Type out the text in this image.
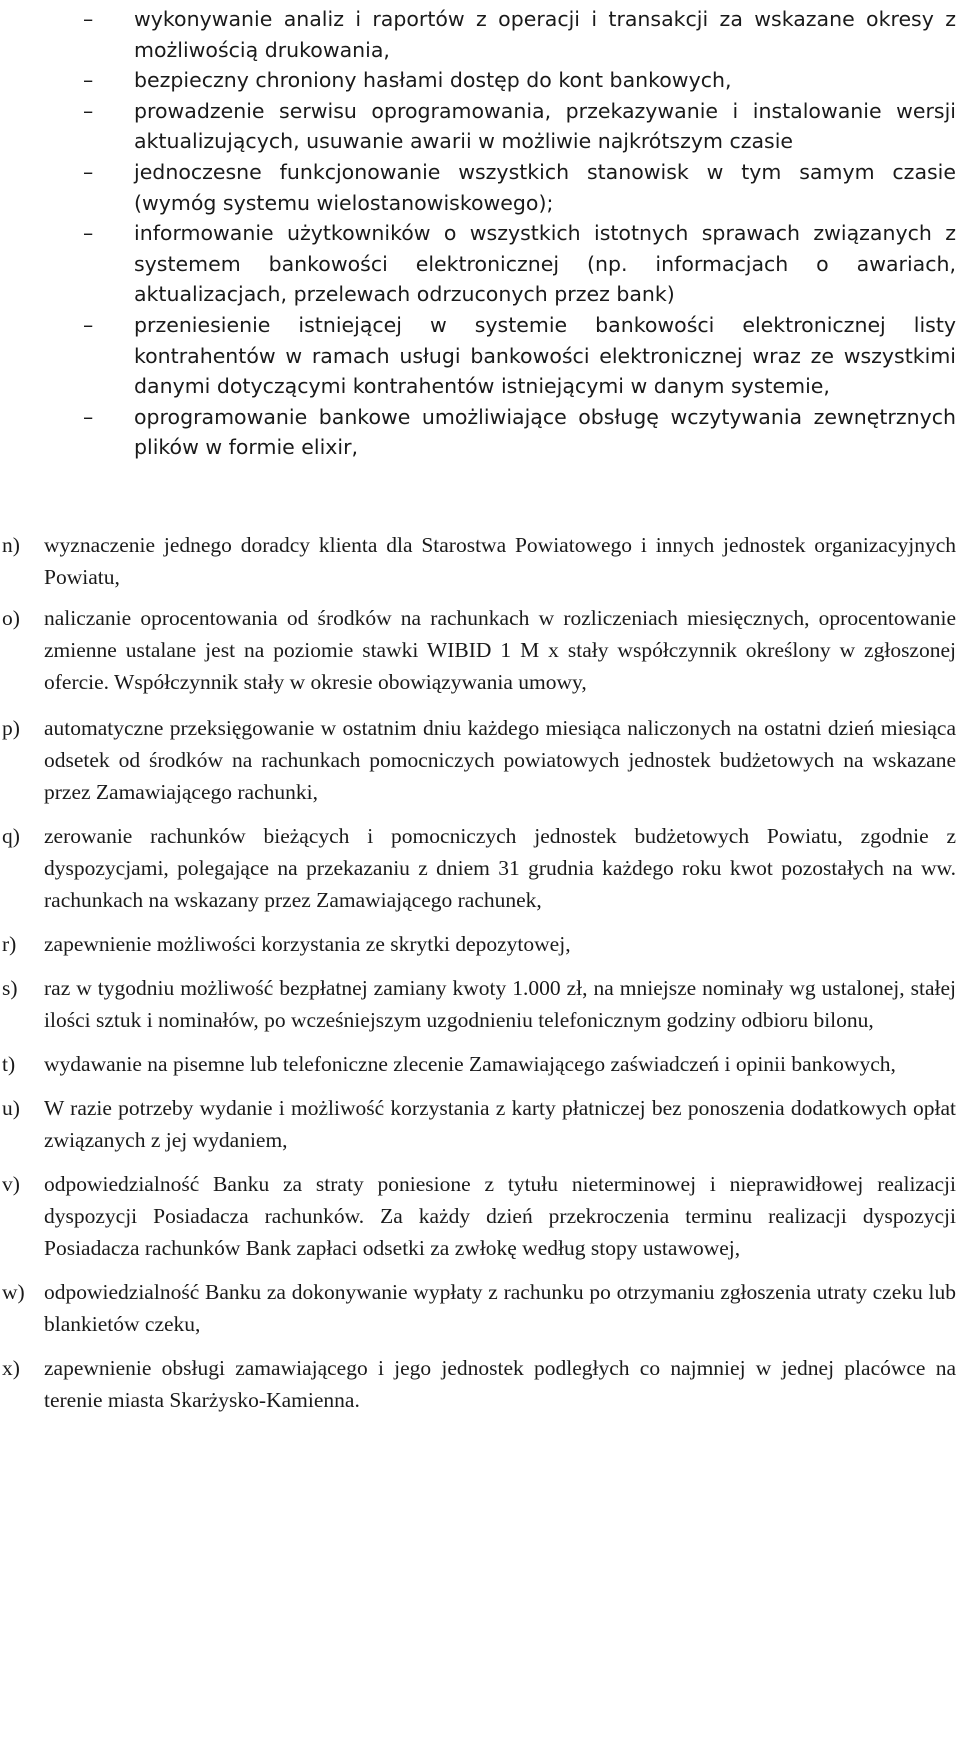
– wykonywanie analiz i raportów z operacji i transakcji za wskazane okresy z możliwością drukowania,
– bezpieczny chroniony hasłami dostęp do kont bankowych,
– prowadzenie serwisu oprogramowania, przekazywanie i instalowanie wersji aktualizujących, usuwanie awarii w możliwie najkrótszym czasie
– jednoczesne funkcjonowanie wszystkich stanowisk w tym samym czasie (wymóg systemu wielostanowiskowego);
– informowanie użytkowników o wszystkich istotnych sprawach związanych z systemem bankowości elektronicznej (np. informacjach o awariach, aktualizacjach, przelewach odrzuconych przez bank)
– przeniesienie istniejącej w systemie bankowości elektronicznej listy kontrahentów w ramach usługi bankowości elektronicznej wraz ze wszystkimi danymi dotyczącymi kontrahentów istniejącymi w danym systemie,
– oprogramowanie bankowe umożliwiające obsługę wczytywania zewnętrznych plików w formie elixir,
n) wyznaczenie jednego doradcy klienta dla Starostwa Powiatowego i innych jednostek organizacyjnych Powiatu,
o) naliczanie oprocentowania od środków na rachunkach w rozliczeniach miesięcznych, oprocentowanie zmienne ustalane jest na poziomie stawki WIBID 1 M x stały współczynnik określony w zgłoszonej ofercie. Współczynnik stały w okresie obowiązywania umowy,
p) automatyczne przeksięgowanie w ostatnim dniu każdego miesiąca naliczonych na ostatni dzień miesiąca odsetek od środków na rachunkach pomocniczych powiatowych jednostek budżetowych na wskazane przez Zamawiającego rachunki,
q) zerowanie rachunków bieżących i pomocniczych jednostek budżetowych Powiatu, zgodnie z dyspozycjami, polegające na przekazaniu z dniem 31 grudnia każdego roku kwot pozostałych na ww. rachunkach na wskazany przez Zamawiającego rachunek,
r) zapewnienie możliwości korzystania ze skrytki depozytowej,
s) raz w tygodniu możliwość bezpłatnej zamiany kwoty 1.000 zł, na mniejsze nominały wg ustalonej, stałej ilości sztuk i nominałów, po wcześniejszym uzgodnieniu telefonicznym godziny odbioru bilonu,
t) wydawanie na pisemne lub telefoniczne zlecenie Zamawiającego zaświadczeń i opinii bankowych,
u) W razie potrzeby wydanie i możliwość korzystania z karty płatniczej bez ponoszenia dodatkowych opłat związanych z jej wydaniem,
v) odpowiedzialność Banku za straty poniesione z tytułu nieterminowej i nieprawidłowej realizacji dyspozycji Posiadacza rachunków. Za każdy dzień przekroczenia terminu realizacji dyspozycji Posiadacza rachunków Bank zapłaci odsetki za zwłokę według stopy ustawowej,
w) odpowiedzialność Banku za dokonywanie wypłaty z rachunku po otrzymaniu zgłoszenia utraty czeku lub blankietów czeku,
x) zapewnienie obsługi zamawiającego i jego jednostek podległych co najmniej w jednej placówce na terenie miasta Skarżysko-Kamienna.
